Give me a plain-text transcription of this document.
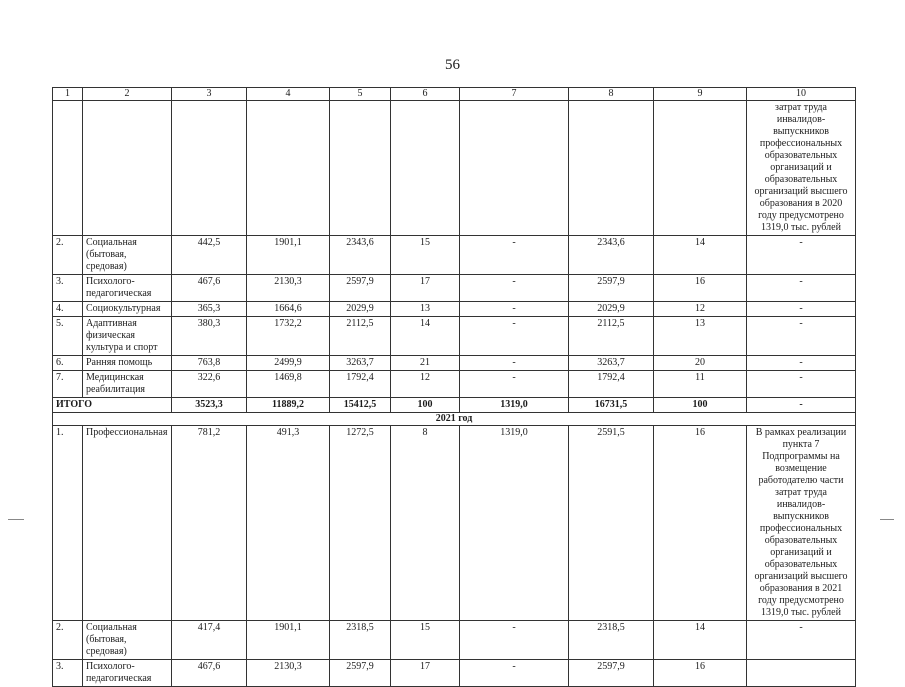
56
1	2	3	4	5	6	7	8	9	10
									затрат труда инвалидов-выпускников профессиональных образовательных организаций и образовательных организаций высшего образования в 2020 году предусмотрено 1319,0 тыс. рублей
2.	Социальная (бытовая, средовая)	442,5	1901,1	2343,6	15	-	2343,6	14	-
3.	Психолого-педагогическая	467,6	2130,3	2597,9	17	-	2597,9	16	-
4.	Социокультурная	365,3	1664,6	2029,9	13	-	2029,9	12	-
5.	Адаптивная физическая культура и спорт	380,3	1732,2	2112,5	14	-	2112,5	13	-
6.	Ранняя помощь	763,8	2499,9	3263,7	21	-	3263,7	20	-
7.	Медицинская реабилитация	322,6	1469,8	1792,4	12	-	1792,4	11	-
ИТОГО		3523,3	11889,2	15412,5	100	1319,0	16731,5	100	-
2021 год									
1.	Профессиональная	781,2	491,3	1272,5	8	1319,0	2591,5	16	В рамках реализации пункта 7 Подпрограммы на возмещение работодателю части затрат труда инвалидов-выпускников профессиональных образовательных организаций и образовательных организаций высшего образования в 2021 году предусмотрено 1319,0 тыс. рублей
2.	Социальная (бытовая, средовая)	417,4	1901,1	2318,5	15	-	2318,5	14	-
3.	Психолого-педагогическая	467,6	2130,3	2597,9	17	-	2597,9	16	
